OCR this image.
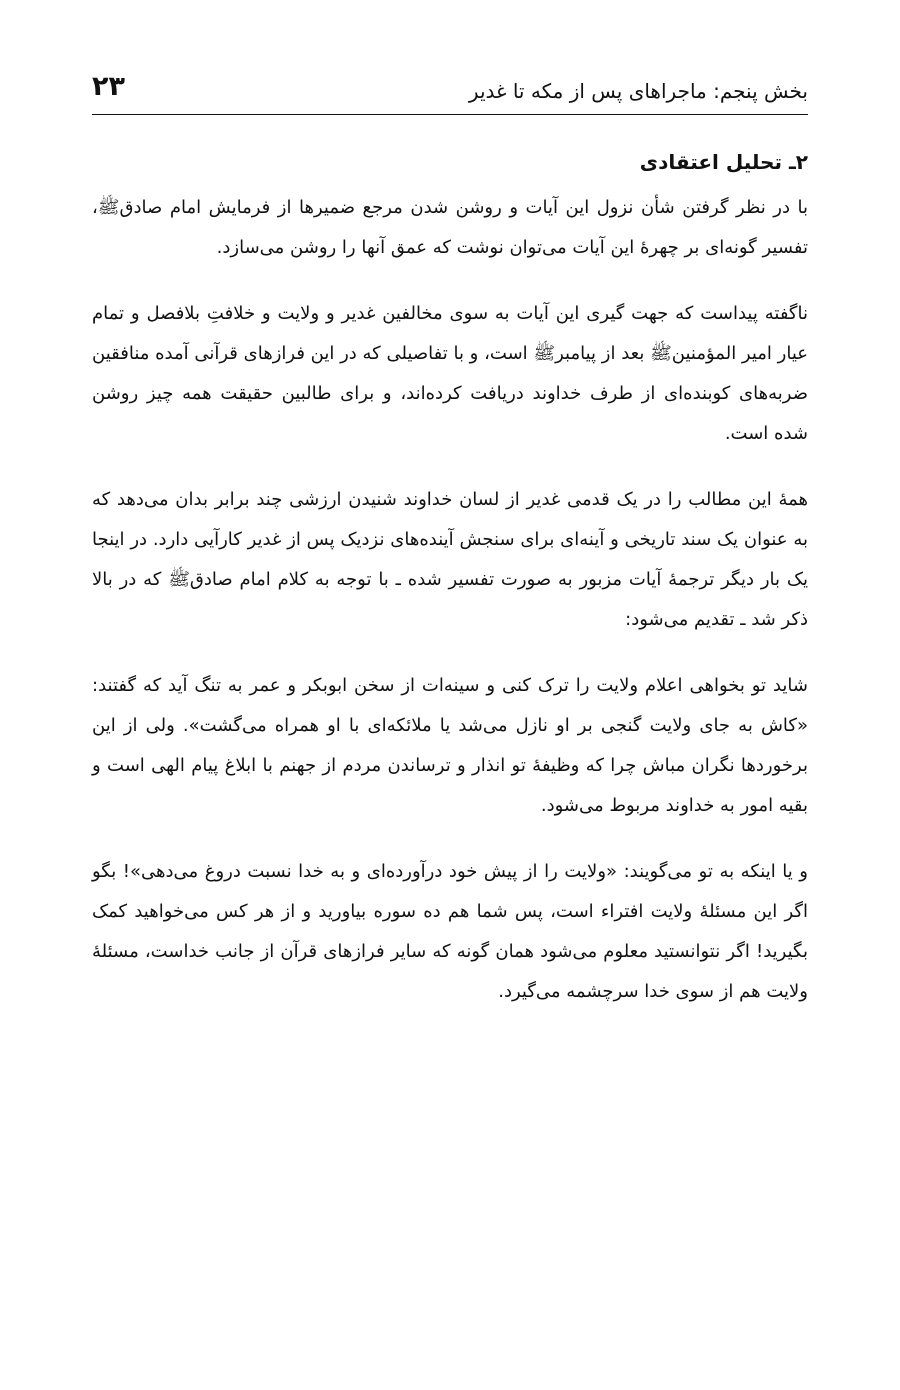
بخش پنجم: ماجراهای پس از مکه تا غدیر
۲۳
۲ـ تحلیل اعتقادی

با در نظر گرفتن شأن نزول این آیات و روشن شدن مرجع ضمیرها از فرمایش امام صادقﷺ، تفسیر گونه‌ای بر چهرۀ این آیات می‌توان نوشت که عمق آنها را روشن می‌سازد.

ناگفته پیداست که جهت گیری این آیات به سوی مخالفین غدیر و ولایت و خلافتِ بلافصل و تمام عیار امیر المؤمنینﷺ بعد از پیامبرﷺ است، و با تفاصیلی که در این فرازهای قرآنی آمده منافقین ضربه‌های کوبنده‌ای از طرف خداوند دریافت کرده‌اند، و برای طالبین حقیقت همه چیز روشن شده است.

همۀ این مطالب را در یک قدمی غدیر از لسان خداوند شنیدن ارزشی چند برابر بدان می‌دهد که به عنوان یک سند تاریخی و آینه‌ای برای سنجش آینده‌های نزدیک پس از غدیر کارآیی دارد. در اینجا یک بار دیگر ترجمۀ آیات مزبور به صورت تفسیر شده ـ با توجه به کلام امام صادقﷺ که در بالا ذکر شد ـ تقدیم می‌شود:

شاید تو بخواهی اعلام ولایت را ترک کنی و سینه‌ات از سخن ابوبکر و عمر به تنگ آید که گفتند: «کاش به جای ولایت گنجی بر او نازل می‌شد یا ملائکه‌ای با او همراه می‌گشت». ولی از این برخوردها نگران مباش چرا که وظیفۀ تو انذار و ترساندن مردم از جهنم با ابلاغ پیام الهی است و بقیه امور به خداوند مربوط می‌شود.

و یا اینکه به تو می‌گویند: «ولایت را از پیش خود درآورده‌ای و به خدا نسبت دروغ می‌دهی»! بگو اگر این مسئلۀ ولایت افتراء است، پس شما هم ده سوره بیاورید و از هر کس می‌خواهید کمک بگیرید! اگر نتوانستید معلوم می‌شود همان گونه که سایر فرازهای قرآن از جانب خداست، مسئلۀ ولایت هم از سوی خدا سرچشمه می‌گیرد.
